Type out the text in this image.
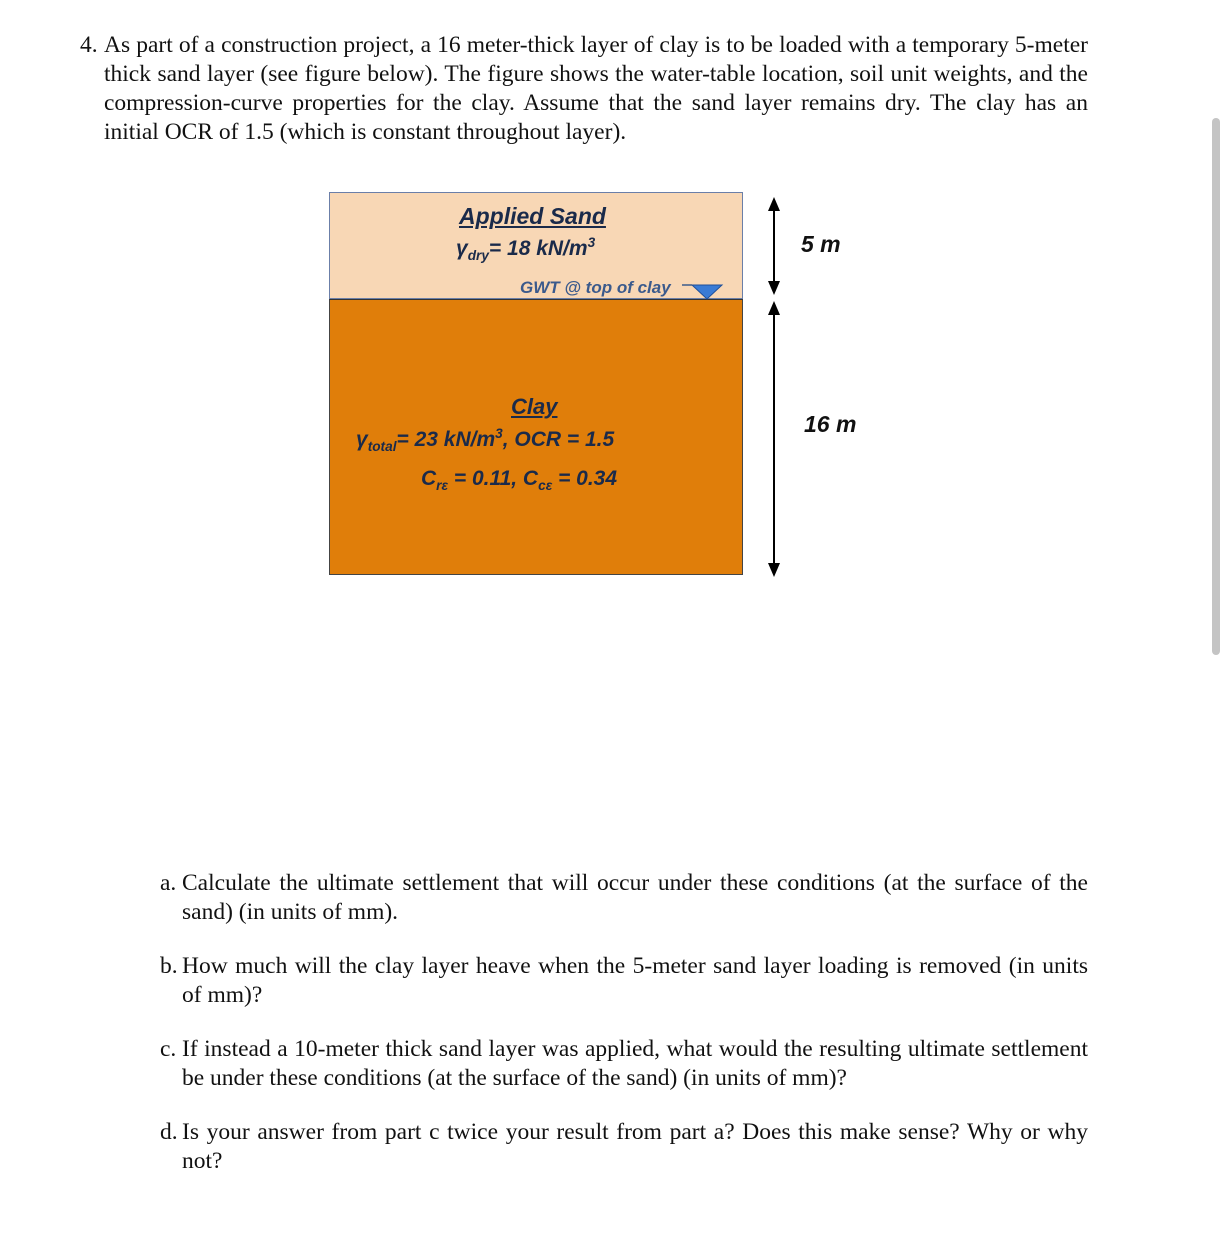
4. As part of a construction project, a 16 meter-thick layer of clay is to be loaded with a temporary 5-meter thick sand layer (see figure below). The figure shows the water-table location, soil unit weights, and the compression-curve properties for the clay. Assume that the sand layer remains dry. The clay has an initial OCR of 1.5 (which is constant throughout layer).
Applied Sand
$\gamma_{dry}= 18$ $kN/m^3$
GWT @ top of clay
Clay
$\gamma_{total}= 23$ $kN/m^3$, OCR = 1.5
$C_{r\varepsilon} = 0.11$, $C_{c\varepsilon} = 0.34$
5 m
16 m
a. Calculate the ultimate settlement that will occur under these conditions (at the surface of the sand) (in units of mm).
b. How much will the clay layer heave when the 5-meter sand layer loading is removed (in units of mm)?
c. If instead a 10-meter thick sand layer was applied, what would the resulting ultimate settlement be under these conditions (at the surface of the sand) (in units of mm)?
d. Is your answer from part c twice your result from part a? Does this make sense? Why or why not?
